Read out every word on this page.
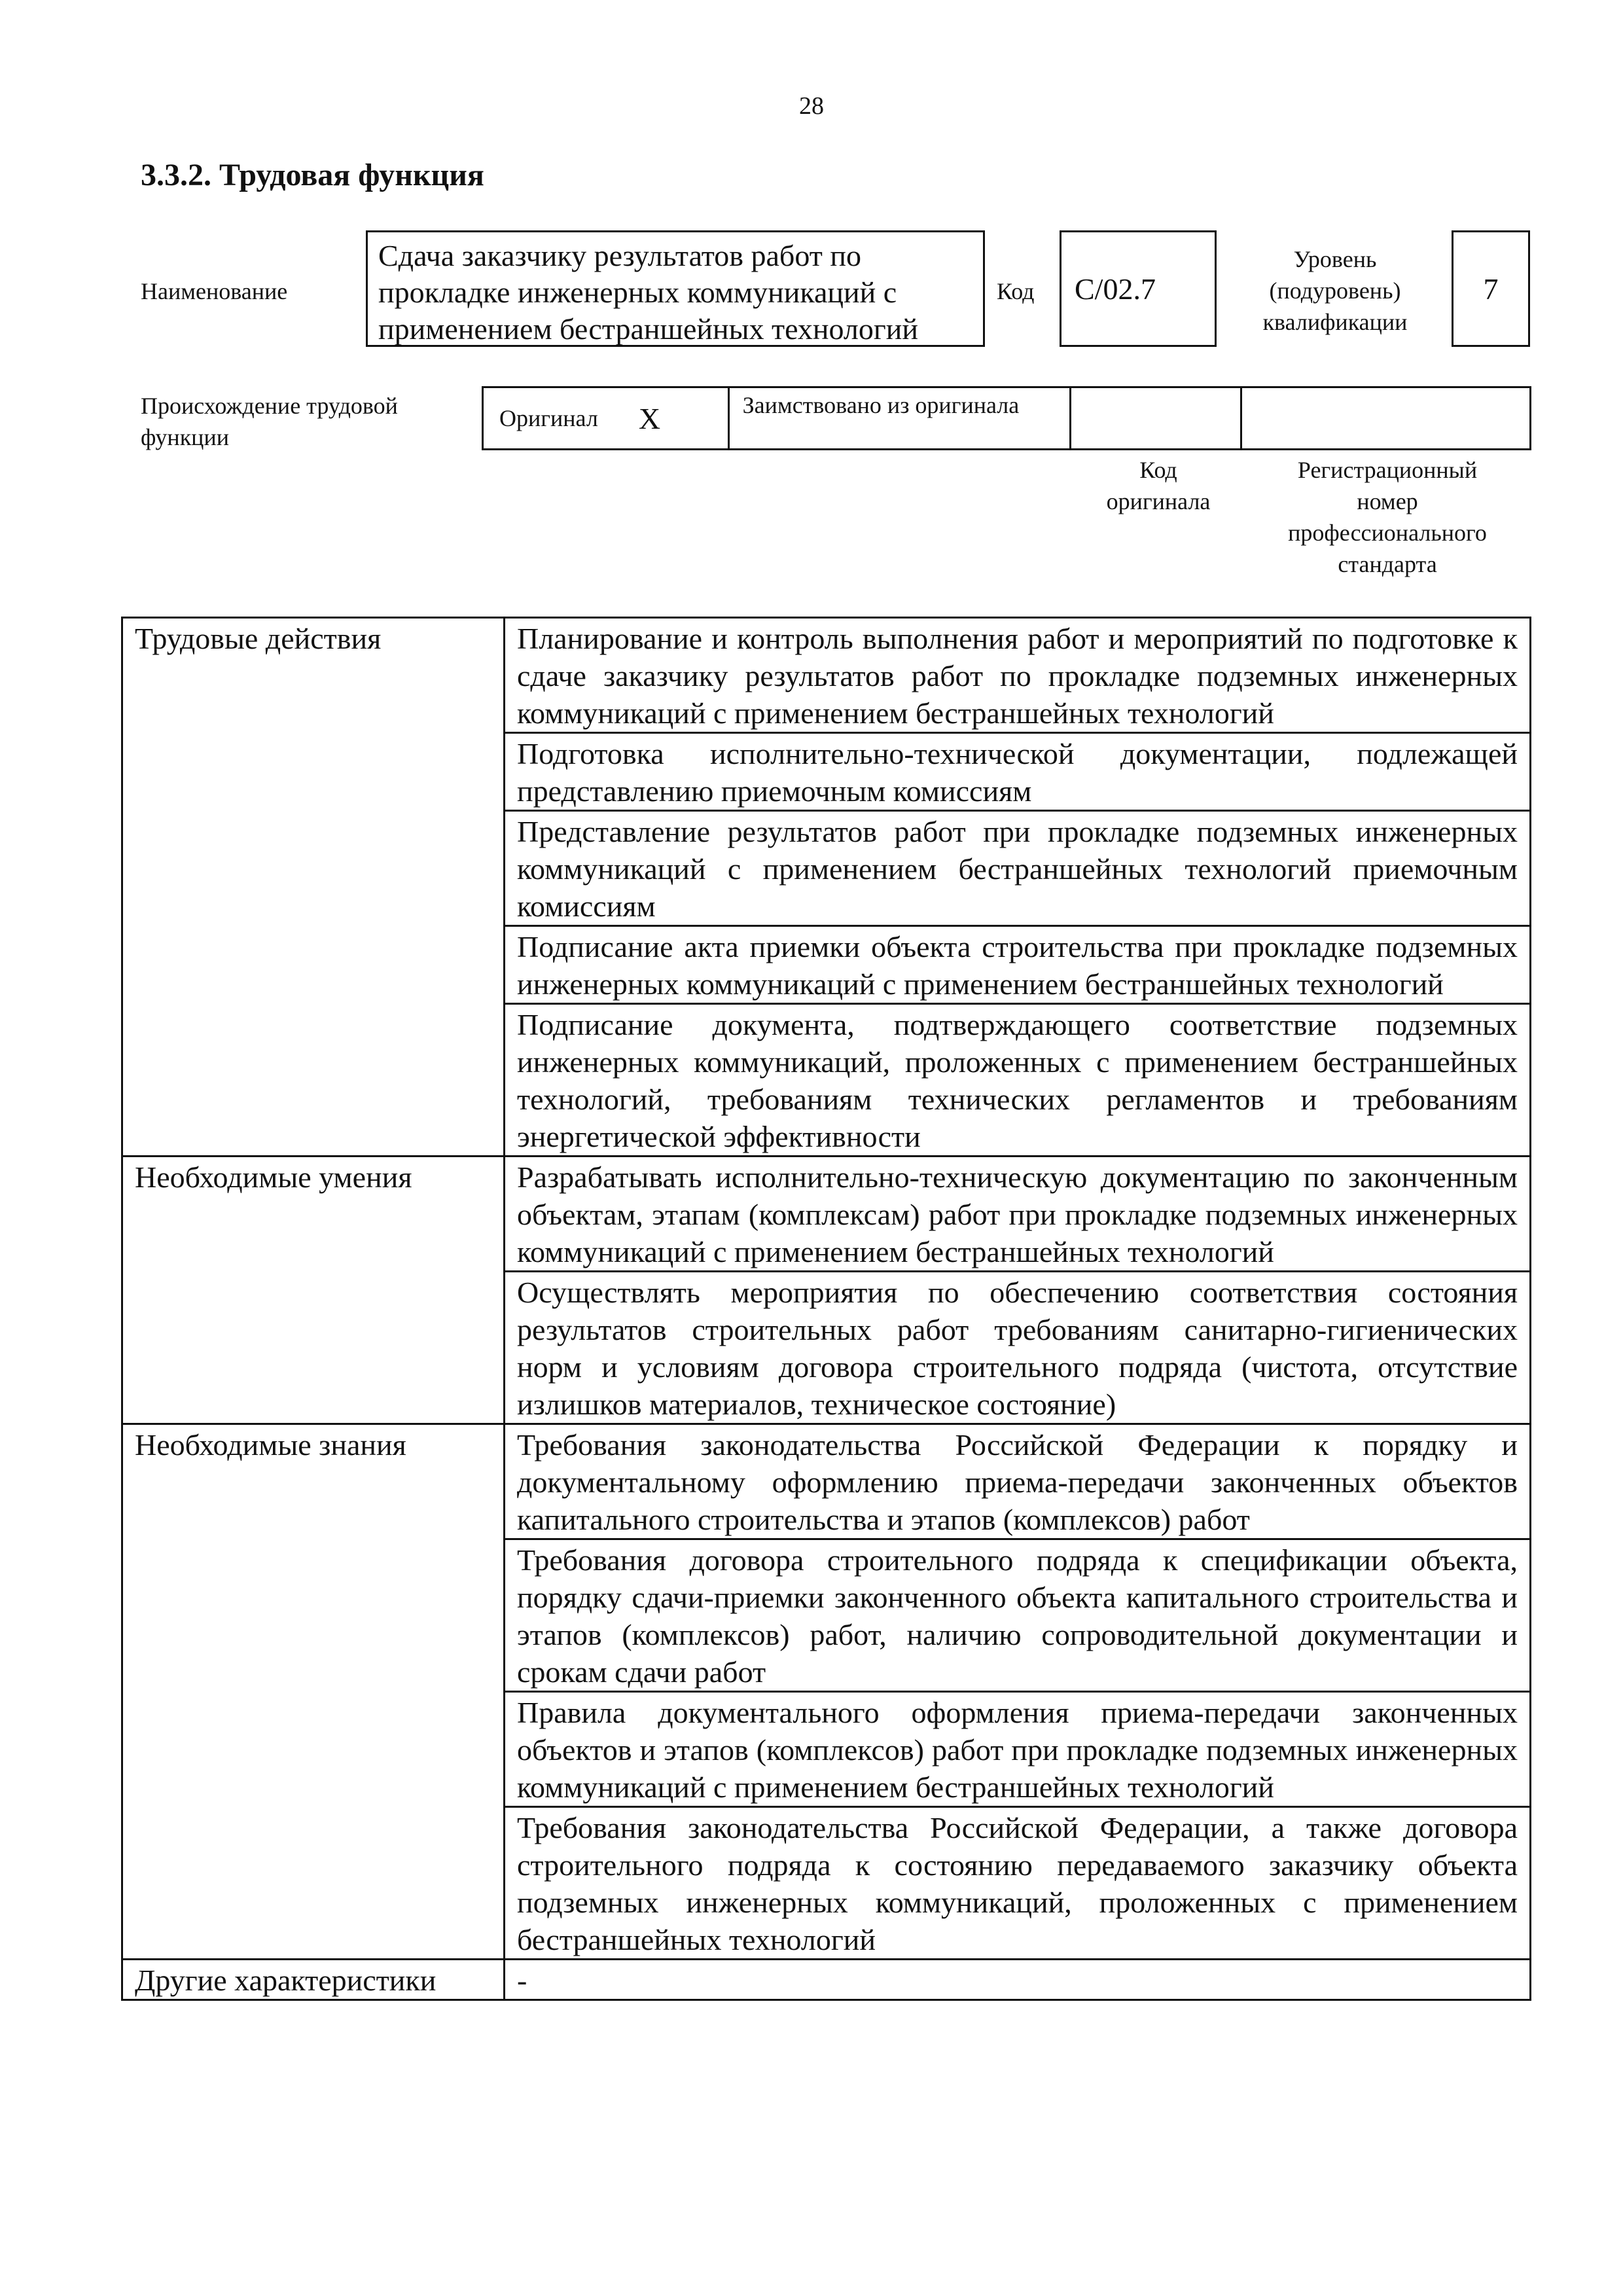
28
3.3.2. Трудовая функция
Наименование
Сдача заказчику результатов работ по прокладке инженерных коммуникаций с применением бестраншейных технологий
Код	C/02.7
Уровень
(подуровень)
квалификации
7
Происхождение трудовой функции
Оригинал X	Заимствовано из оригинала
Код
оригинала
Регистрационный
номер
профессионального
стандарта
Трудовые действия	Планирование и контроль выполнения работ и мероприятий по подготовке к сдаче заказчику результатов работ по прокладке подземных инженерных коммуникаций с применением бестраншейных технологий
	Подготовка исполнительно-технической документации, подлежащей представлению приемочным комиссиям
	Представление результатов работ при прокладке подземных инженерных коммуникаций с применением бестраншейных технологий приемочным комиссиям
	Подписание акта приемки объекта строительства при прокладке подземных инженерных коммуникаций с применением бестраншейных технологий
	Подписание документа, подтверждающего соответствие подземных инженерных коммуникаций, проложенных с применением бестраншейных технологий, требованиям технических регламентов и требованиям энергетической эффективности
Необходимые умения	Разрабатывать исполнительно-техническую документацию по законченным объектам, этапам (комплексам) работ при прокладке подземных инженерных коммуникаций с применением бестраншейных технологий
	Осуществлять мероприятия по обеспечению соответствия состояния результатов строительных работ требованиям санитарно-гигиенических норм и условиям договора строительного подряда (чистота, отсутствие излишков материалов, техническое состояние)
Необходимые знания	Требования законодательства Российской Федерации к порядку и документальному оформлению приема-передачи законченных объектов капитального строительства и этапов (комплексов) работ
	Требования договора строительного подряда к спецификации объекта, порядку сдачи-приемки законченного объекта капитального строительства и этапов (комплексов) работ, наличию сопроводительной документации и срокам сдачи работ
	Правила документального оформления приема-передачи законченных объектов и этапов (комплексов) работ при прокладке подземных инженерных коммуникаций с применением бестраншейных технологий
	Требования законодательства Российской Федерации, а также договора строительного подряда к состоянию передаваемого заказчику объекта подземных инженерных коммуникаций, проложенных с применением бестраншейных технологий
Другие характеристики	-
